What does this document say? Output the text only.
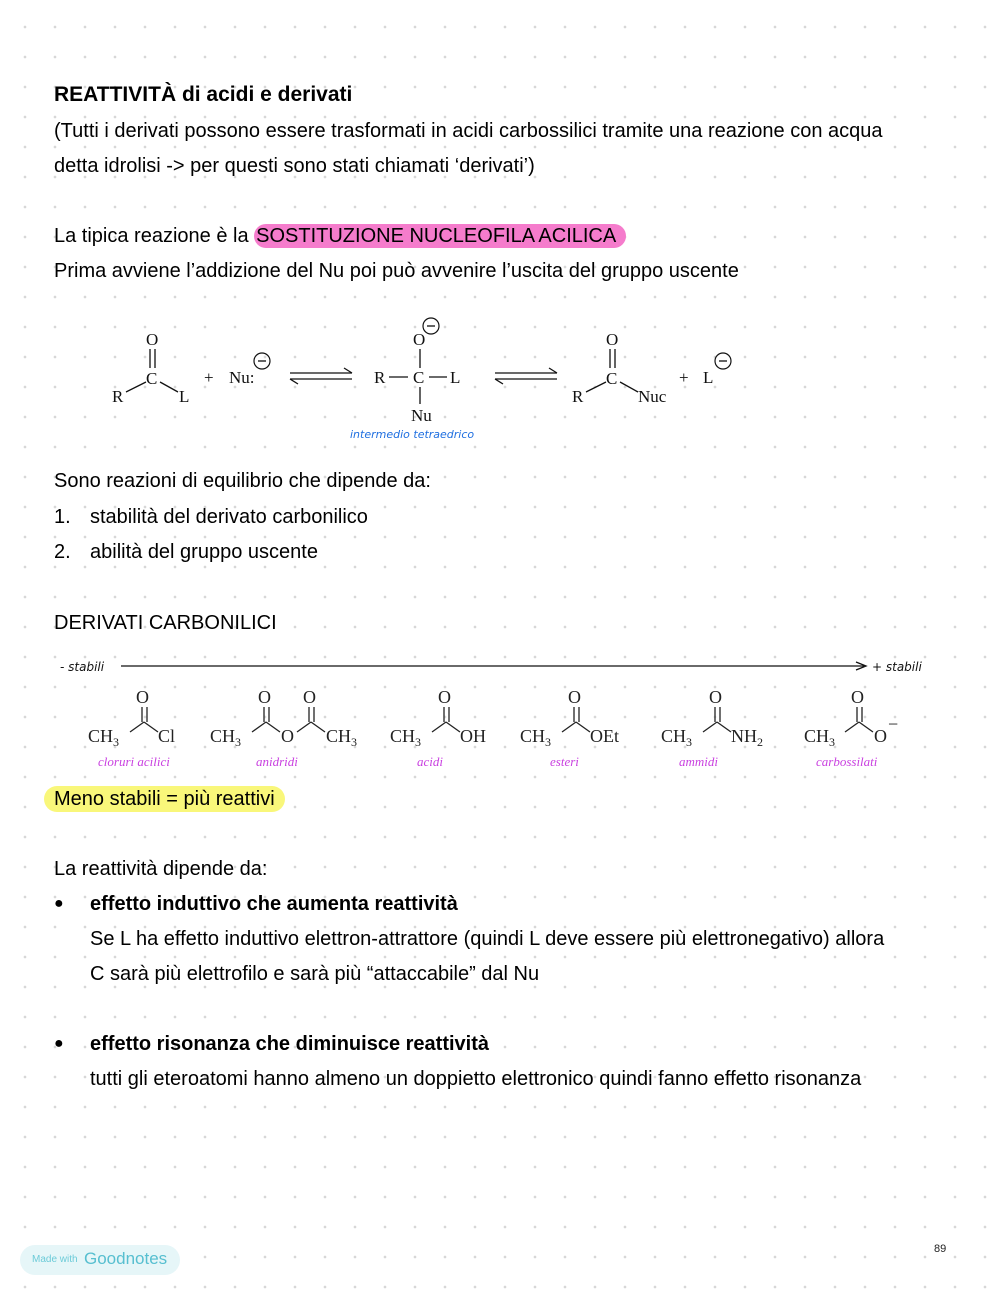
REATTIVITÀ di acidi e derivati
(Tutti i derivati possono essere trasformati in acidi carbossilici tramite una reazione con acqua
detta idrolisi -> per questi sono stati chiamati ‘derivati’)
La tipica reazione è la SOSTITUZIONE NUCLEOFILA ACILICA
Prima avviene l’addizione del Nu poi può avvenire l’uscita del gruppo uscente
O
C
R	L
+ Nu:
O
R C L
Nu
intermedio tetraedrico
O
C
R	Nuc
+ L
Sono reazioni di equilibrio che dipende da:
1. stabilità del derivato carbonilico
2. abilità del gruppo uscente
DERIVATI CARBONILICI
- stabili	+ stabili
O
$CH_3$ Cl
O O
$CH_3$ O $CH_3$
O
$CH_3$ OH
O
$CH_3$ OEt
O
$CH_3$ $NH_2$
O
$CH_3$ O
−
cloruri acilici	anidridi	acidi	esteri	ammidi	carbossilati
Meno stabili = più reattivi
La reattività dipende da:
● effetto induttivo che aumenta reattività
Se L ha effetto induttivo elettron-attrattore (quindi L deve essere più elettronegativo) allora
C sarà più elettrofilo e sarà più “attaccabile” dal Nu
● effetto risonanza che diminuisce reattività
tutti gli eteroatomi hanno almeno un doppietto elettronico quindi fanno effetto risonanza
Made with Goodnotes	89
